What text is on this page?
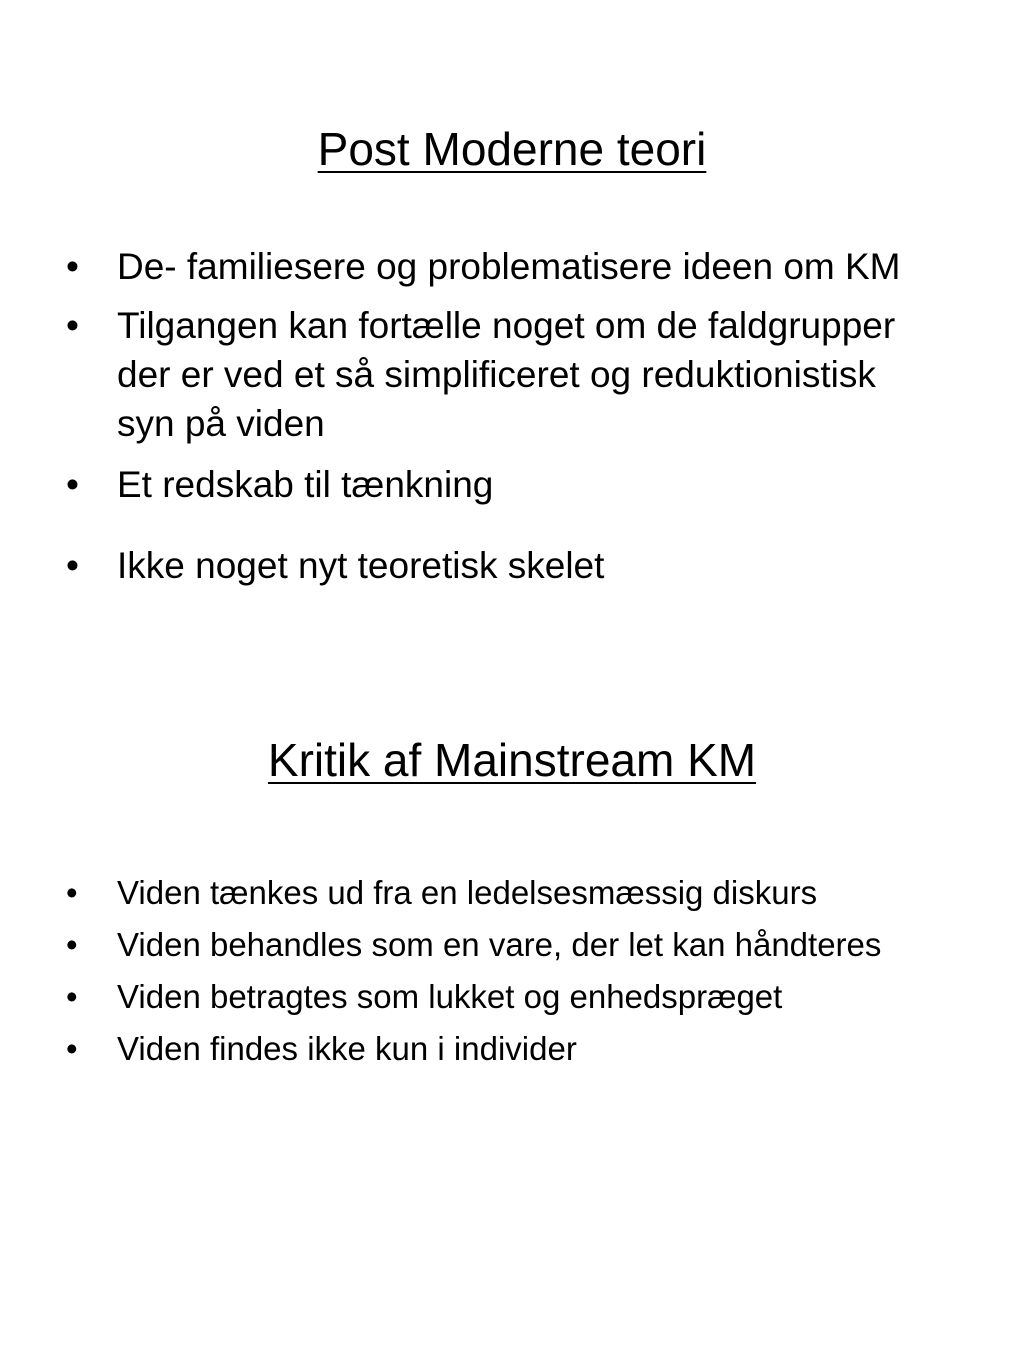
Post Moderne teori
• De- familiesere og problematisere ideen om KM
• Tilgangen kan fortælle noget om de faldgrupper der er ved et så simplificeret og reduktionistisk syn på viden
• Et redskab til tænkning
• Ikke noget nyt teoretisk skelet
Kritik af Mainstream KM
• Viden tænkes ud fra en ledelsesmæssig diskurs
• Viden behandles som en vare, der let kan håndteres
• Viden betragtes som lukket og enhedspræget
• Viden findes ikke kun i individer
